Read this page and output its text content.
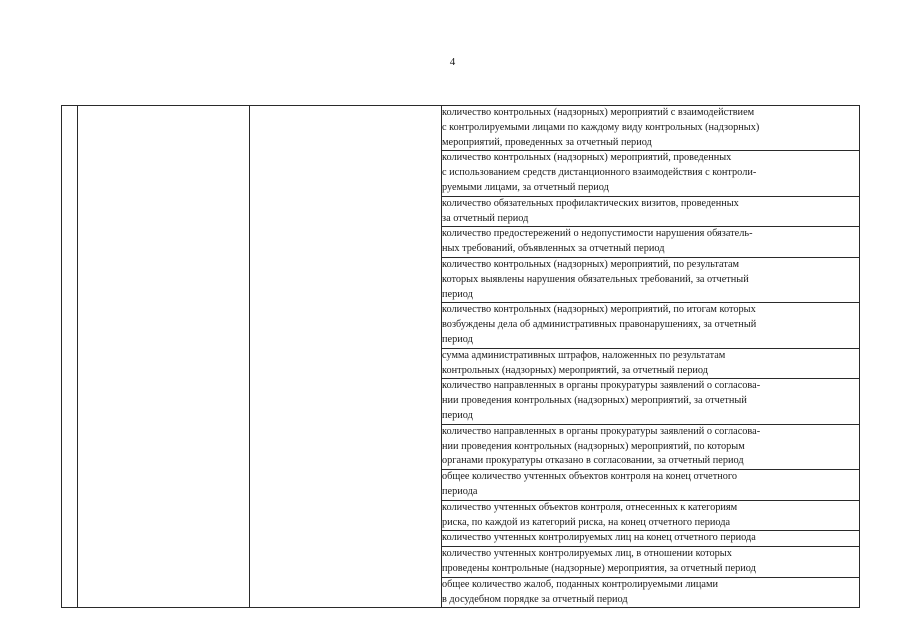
4

количество контрольных (надзорных) мероприятий с взаимодействием
с контролируемыми лицами по каждому виду контрольных (надзорных)
мероприятий, проведенных за отчетный период

количество контрольных (надзорных) мероприятий, проведенных
с использованием средств дистанционного взаимодействия с контроли-
руемыми лицами, за отчетный период

количество обязательных профилактических визитов, проведенных
за отчетный период

количество предостережений о недопустимости нарушения обязатель-
ных требований, объявленных за отчетный период

количество контрольных (надзорных) мероприятий, по результатам
которых выявлены нарушения обязательных требований, за отчетный
период

количество контрольных (надзорных) мероприятий, по итогам которых
возбуждены дела об административных правонарушениях, за отчетный
период

сумма административных штрафов, наложенных по результатам
контрольных (надзорных) мероприятий, за отчетный период

количество направленных в органы прокуратуры заявлений о согласова-
нии проведения контрольных (надзорных) мероприятий, за отчетный
период

количество направленных в органы прокуратуры заявлений о согласова-
нии проведения контрольных (надзорных) мероприятий, по которым
органами прокуратуры отказано в согласовании, за отчетный период

общее количество учтенных объектов контроля на конец отчетного
периода

количество учтенных объектов контроля, отнесенных к категориям
риска, по каждой из категорий риска, на конец отчетного периода

количество учтенных контролируемых лиц на конец отчетного периода

количество учтенных контролируемых лиц, в отношении которых
проведены контрольные (надзорные) мероприятия, за отчетный период

общее количество жалоб, поданных контролируемыми лицами
в досудебном порядке за отчетный период
